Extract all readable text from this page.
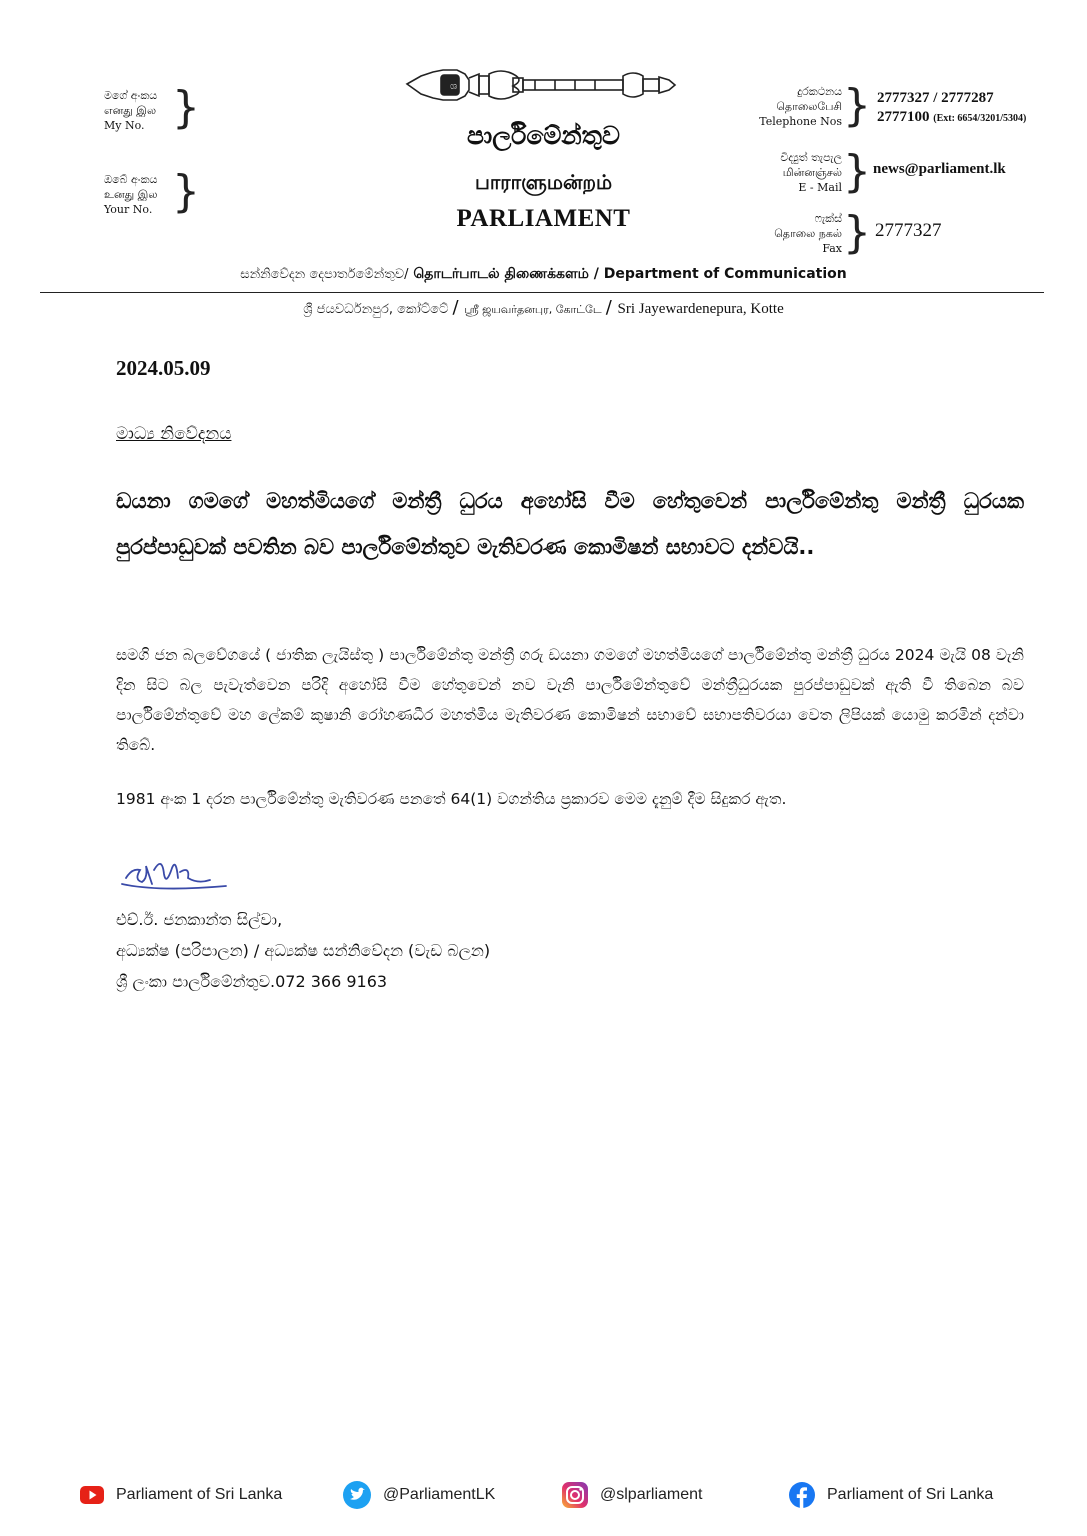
මගේ අංකය
எனது இல
My No. }
ඔබේ අංකය
உனது இல
Your No. }
ශ
පාර්ලිමේන්තුව
பாராளுமன்றம்
PARLIAMENT
දුරකථනය
தொலைபேசி
Telephone Nos } 2777327 / 2777287
2777100 (Ext: 6654/3201/5304)
විද්‍යුත් තැපැල
மின்னஞ்சல்
E - Mail } news@parliament.lk
ෆැක්ස්
தொலை நகல்
Fax } 2777327
සන්නිවේදන දෙපාර්තමේන්තුව/ தொடர்பாடல் திணைக்களம் / Department of Communication
ශ්‍රී ජයවර්ධනපුර, කෝට්ටේ / ஸ்ரீ ஜயவர்தனபுர, கோட்டே / Sri Jayewardenepura, Kotte
2024.05.09
මාධ්‍ය නිවේදනය
ඩයනා ගමගේ මහත්මියගේ මන්ත්‍රී ධුරය අහෝසි වීම හේතුවෙන් පාර්ලිමේන්තු මන්ත්‍රී ධුරයක පුරප්පාඩුවක් පවතින බව පාර්ලිමේන්තුව මැතිවරණ කොමිෂන් සභාවට දන්වයි..
සමගි ජන බලවේගයේ ( ජාතික ලැයිස්තු ) පාර්ලිමේන්තු මන්ත්‍රී ගරු ඩයනා ගමගේ මහත්මියගේ පාර්ලිමේන්තු මන්ත්‍රී ධුරය 2024 මැයි 08 වැනි දින සිට බල පැවැත්වෙන පරිදි අහෝසි වීම හේතුවෙන් නව වැනි පාර්ලිමේන්තුවේ මන්ත්‍රීධුරයක පුරප්පාඩුවක් ඇති වී තිබෙන බව පාර්ලිමේන්තුවේ මහ ලේකම් කුෂානි රෝහණධීර මහත්මිය මැතිවරණ කොමිෂන් සභාවේ සභාපතිවරයා වෙත ලිපියක් යොමු කරමින් දන්වා තිබේ.
1981 අංක 1 දරන පාර්ලිමේන්තු මැතිවරණ පනතේ 64(1) වගන්තිය ප්‍රකාරව මෙම දැනුම් දීම සිදුකර ඇත.
එච්.ඊ. ජනකාන්ත සිල්වා,
අධ්‍යක්ෂ (පරිපාලන) / අධ්‍යක්ෂ සන්නිවේදන (වැඩ බලන)
ශ්‍රී ලංකා පාර්ලිමේන්තුව.072 366 9163
Parliament of Sri Lanka	@ParliamentLK	@slparliament	Parliament of Sri Lanka
